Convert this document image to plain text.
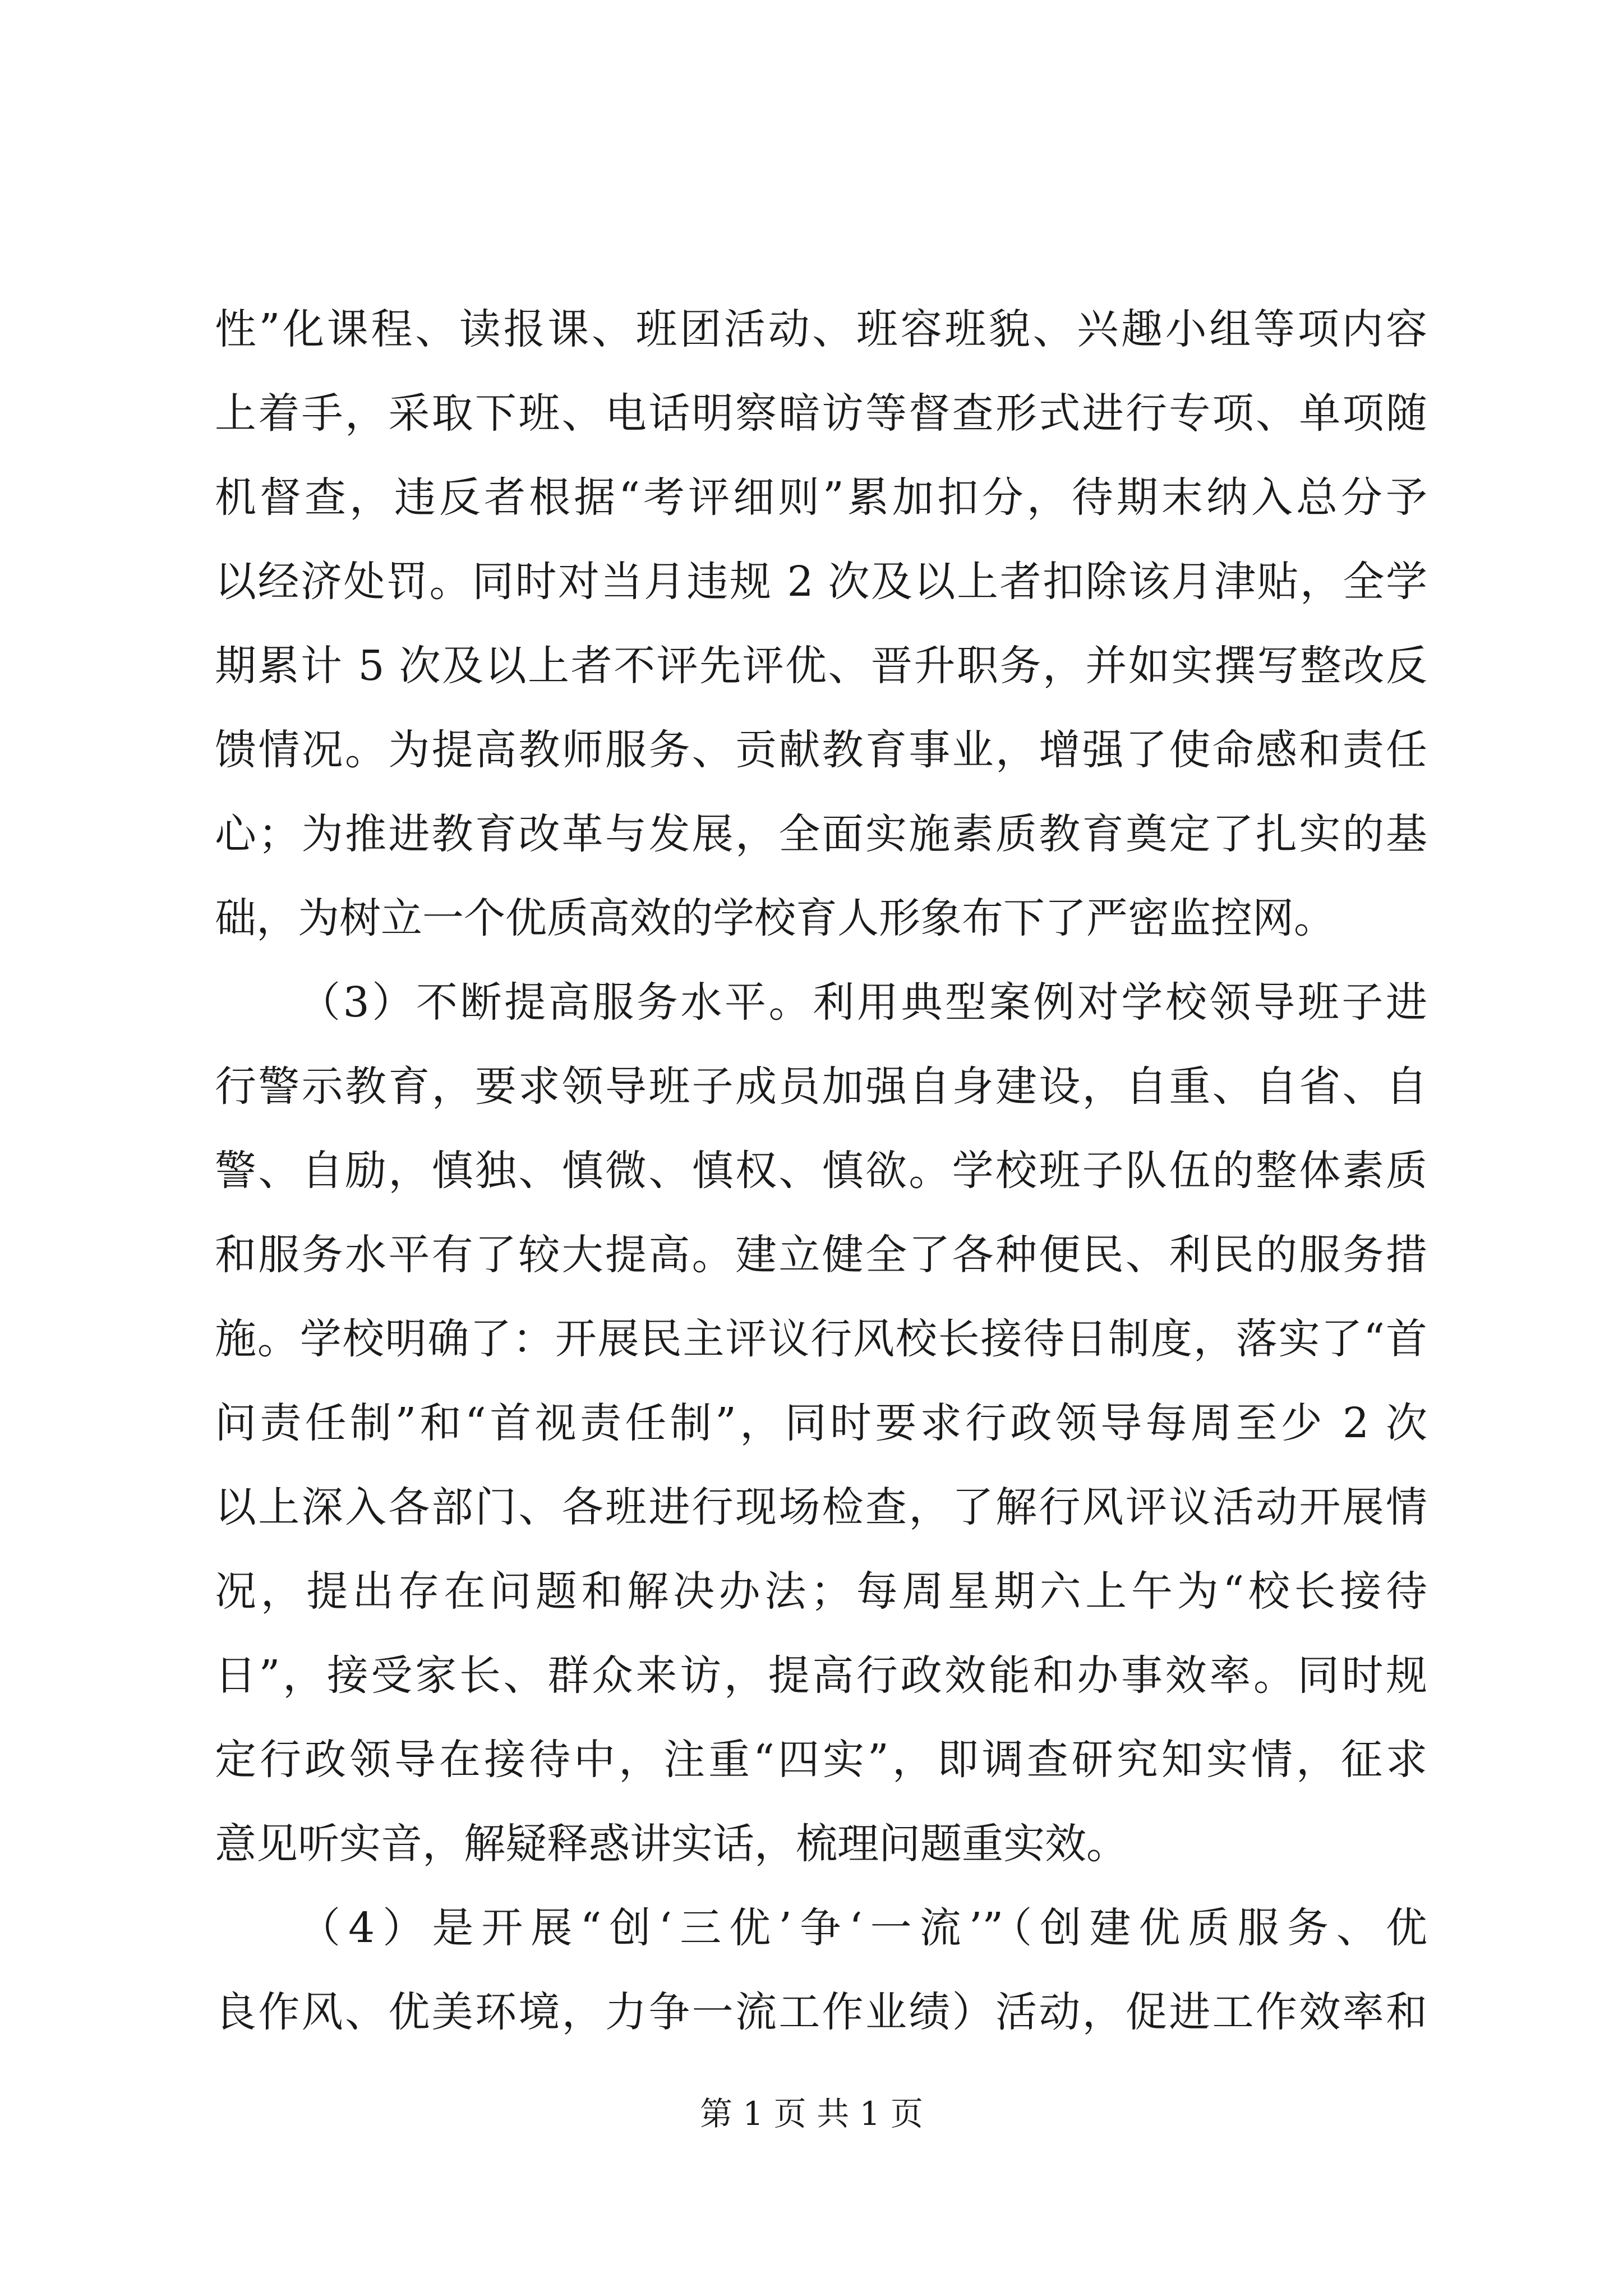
性”化课程、读报课、班团活动、班容班貌、兴趣小组等项内容
上着手，采取下班、电话明察暗访等督查形式进行专项、单项随
机督查，违反者根据“考评细则”累加扣分，待期末纳入总分予
以经济处罚。同时对当月违规 2 次及以上者扣除该月津贴，全学
期累计 5 次及以上者不评先评优、晋升职务，并如实撰写整改反
馈情况。为提高教师服务、贡献教育事业，增强了使命感和责任
心；为推进教育改革与发展，全面实施素质教育奠定了扎实的基
础，为树立一个优质高效的学校育人形象布下了严密监控网。
（3）不断提高服务水平。利用典型案例对学校领导班子进
行警示教育，要求领导班子成员加强自身建设，自重、自省、自
警、自励，慎独、慎微、慎权、慎欲。学校班子队伍的整体素质
和服务水平有了较大提高。建立健全了各种便民、利民的服务措
施。学校明确了：开展民主评议行风校长接待日制度，落实了“首
问责任制”和“首视责任制”，同时要求行政领导每周至少 2 次
以上深入各部门、各班进行现场检查，了解行风评议活动开展情
况，提出存在问题和解决办法；每周星期六上午为“校长接待
日”，接受家长、群众来访，提高行政效能和办事效率。同时规
定行政领导在接待中，注重“四实”，即调查研究知实情，征求
意见听实音，解疑释惑讲实话，梳理问题重实效。
（4）是开展“创‘三优’争‘一流’”（创建优质服务、优
良作风、优美环境，力争一流工作业绩）活动，促进工作效率和
第 1 页 共 1 页
